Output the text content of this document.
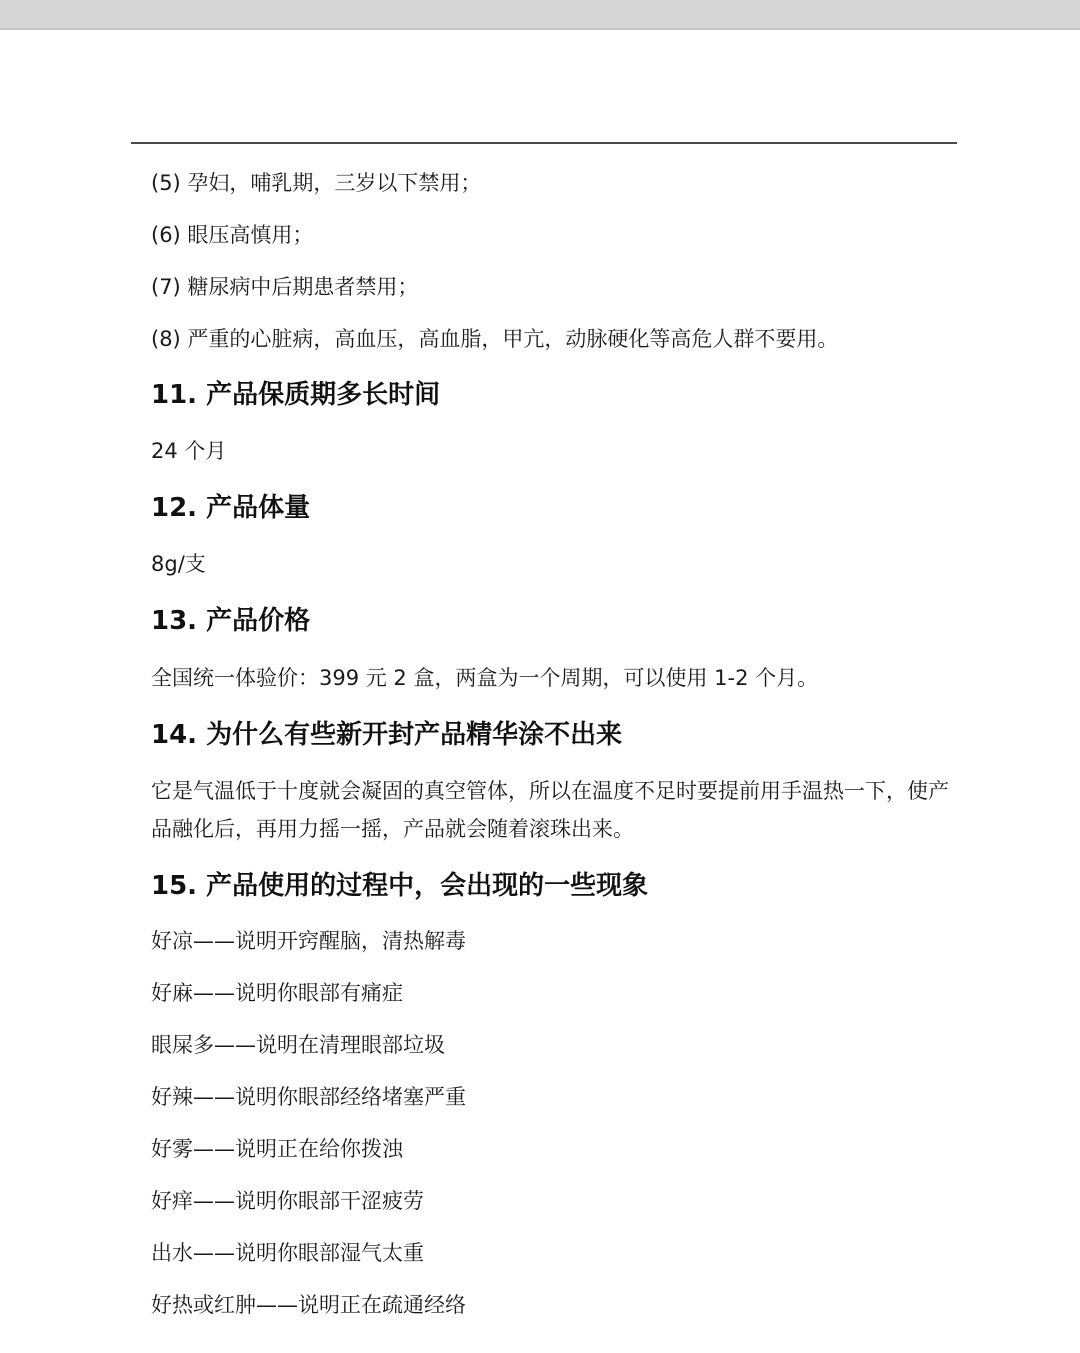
(5) 孕妇，哺乳期，三岁以下禁用；
(6) 眼压高慎用；
(7) 糖尿病中后期患者禁用；
(8) 严重的心脏病，高血压，高血脂，甲亢，动脉硬化等高危人群不要用。
11. 产品保质期多长时间
24 个月
12. 产品体量
8g/支
13. 产品价格
全国统一体验价：399 元 2 盒，两盒为一个周期，可以使用 1-2 个月。
14. 为什么有些新开封产品精华涂不出来
它是气温低于十度就会凝固的真空管体，所以在温度不足时要提前用手温热一下，使产品融化后，再用力摇一摇，产品就会随着滚珠出来。
15. 产品使用的过程中，会出现的一些现象
好凉——说明开窍醒脑，清热解毒
好麻——说明你眼部有痛症
眼屎多——说明在清理眼部垃圾
好辣——说明你眼部经络堵塞严重
好雾——说明正在给你拨浊
好痒——说明你眼部干涩疲劳
出水——说明你眼部湿气太重
好热或红肿——说明正在疏通经络
